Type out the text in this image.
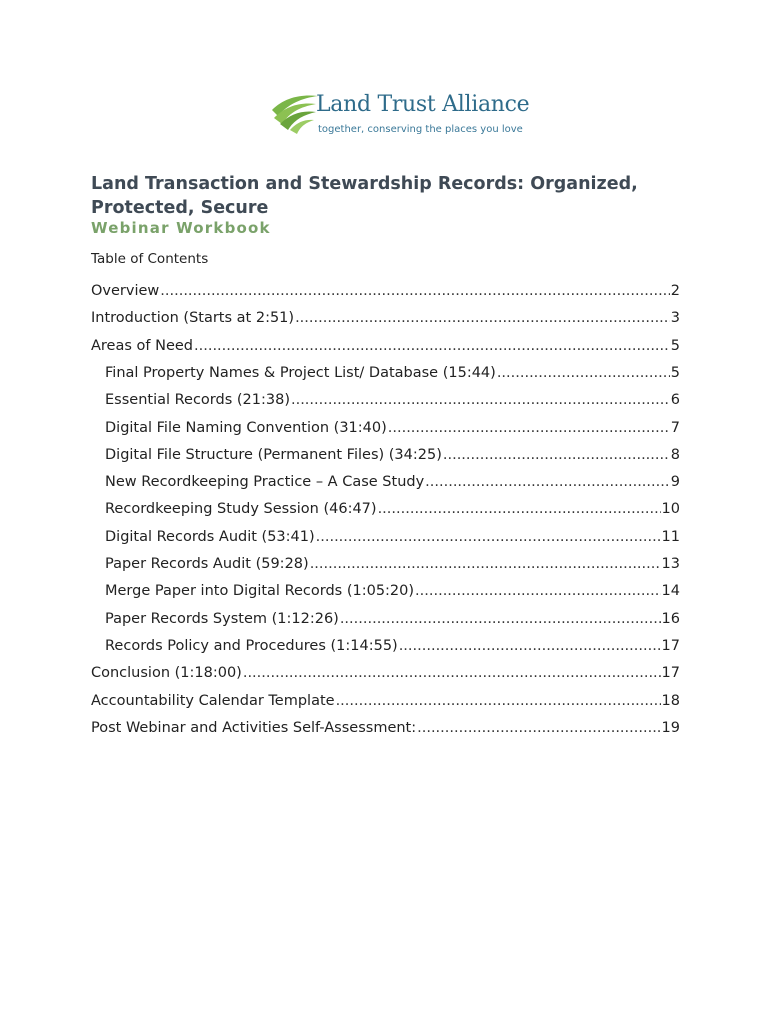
Land Trust Alliance
together, conserving the places you love
Land Transaction and Stewardship Records: Organized, Protected, Secure
Webinar Workbook

Table of Contents

Overview .....	2
Introduction (Starts at 2:51) .....	3
Areas of Need .....	5
Final Property Names & Project List/ Database (15:44) .....	5
Essential Records (21:38) .....	6
Digital File Naming Convention (31:40) .....	7
Digital File Structure (Permanent Files) (34:25) .....	8
New Recordkeeping Practice – A Case Study .....	9
Recordkeeping Study Session (46:47) .....	10
Digital Records Audit (53:41) .....	11
Paper Records Audit (59:28) .....	13
Merge Paper into Digital Records (1:05:20) .....	14
Paper Records System (1:12:26) .....	16
Records Policy and Procedures (1:14:55) .....	17
Conclusion (1:18:00) .....	17
Accountability Calendar Template .....	18
Post Webinar and Activities Self-Assessment: .....	19
